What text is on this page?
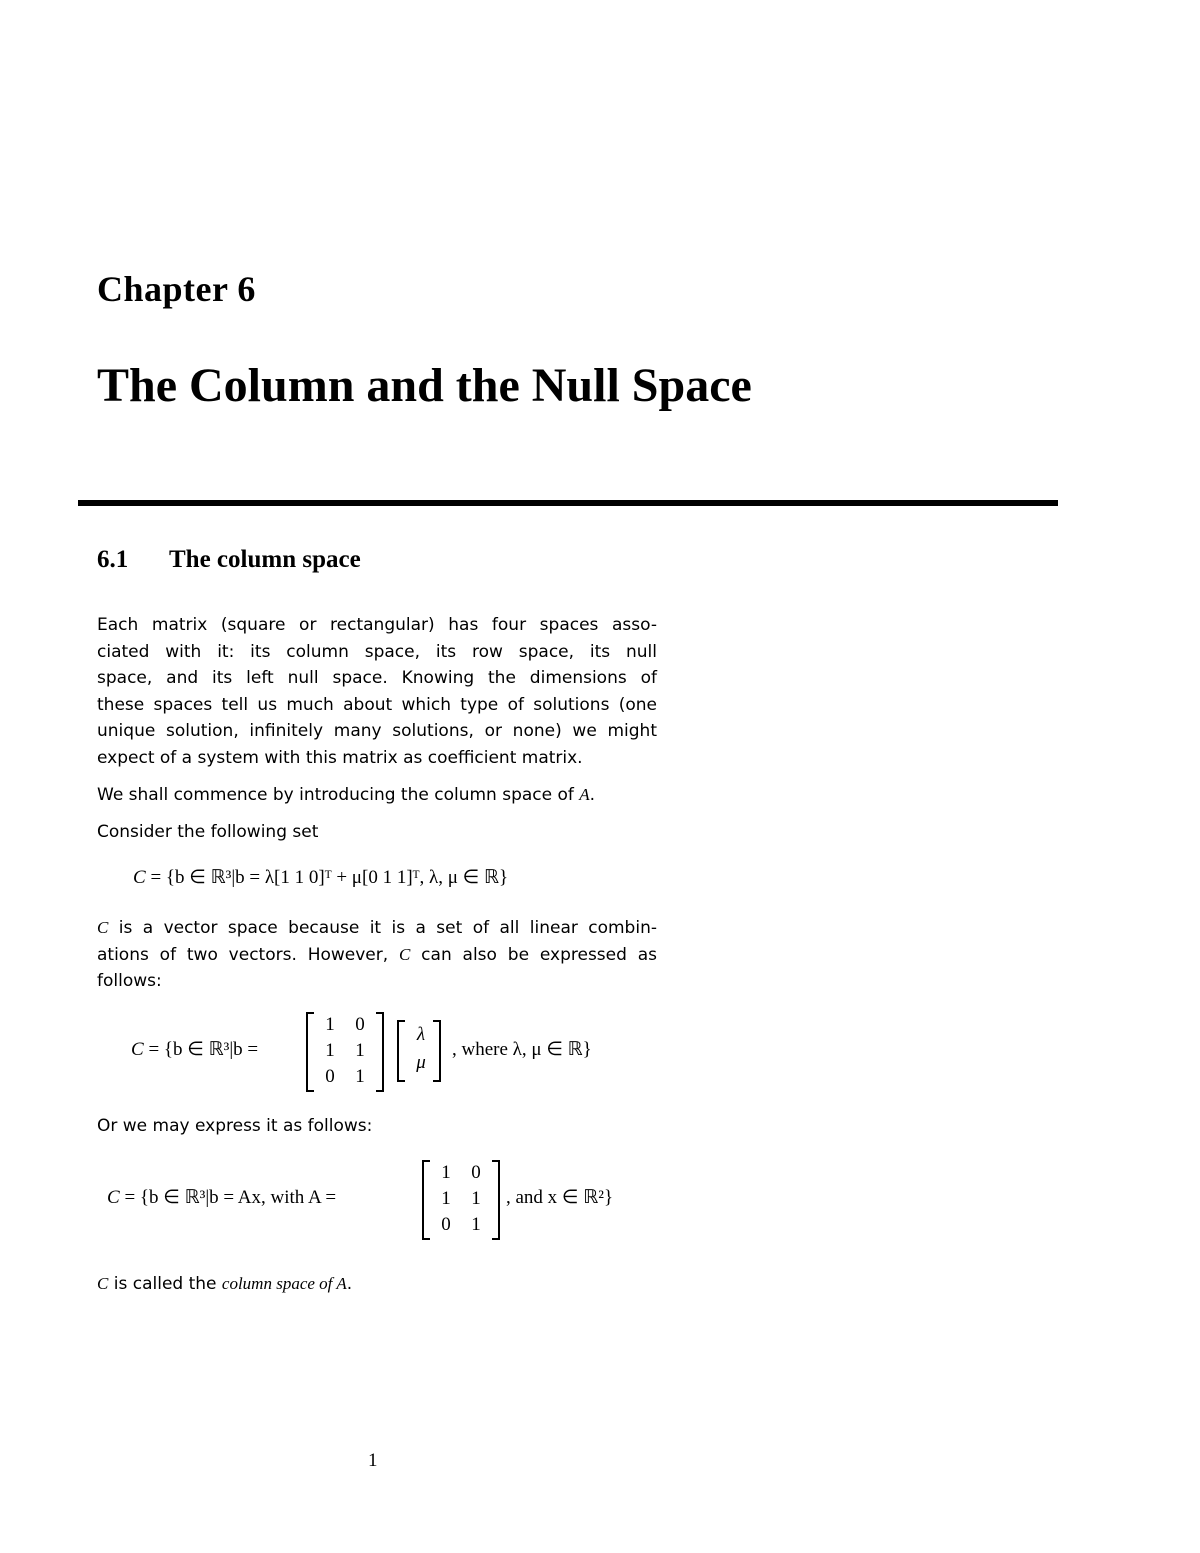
Chapter 6
The Column and the Null Space
6.1 The column space
Each matrix (square or rectangular) has four spaces asso-
ciated with it: its column space, its row space, its null
space, and its left null space. Knowing the dimensions of
these spaces tell us much about which type of solutions (one
unique solution, infinitely many solutions, or none) we might
expect of a system with this matrix as coefficient matrix.
We shall commence by introducing the column space of A.
Consider the following set
C = {b ∈ ℝ³|b = λ[1 1 0]ᵀ + μ[0 1 1]ᵀ, λ, μ ∈ ℝ}
C is a vector space because it is a set of all linear combin-
ations of two vectors. However, C can also be expressed as
follows:
C = {b ∈ ℝ³|b =
1 0
1 1
0 1
λ
μ
, where λ, μ ∈ ℝ}
Or we may express it as follows:
C = {b ∈ ℝ³|b = Ax, with A =
1 0
1 1
0 1
, and x ∈ ℝ²}
C is called the column space of A.
1
